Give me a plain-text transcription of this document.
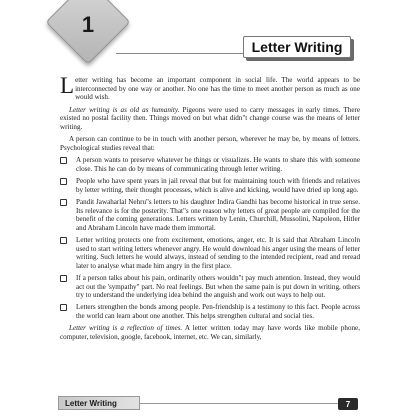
1
Letter Writing

Letter writing has become an important component in social life. The world appears to be interconnected by one way or another. No one has the time to meet another person as much as one would wish.

Letter writing is as old as humanity. Pigeons were used to carry messages in early times. There existed no postal facility then. Things moved on but what didn"t change course was the means of letter writing.

A person can continue to be in touch with another person, wherever he may be, by means of letters. Psychological studies reveal that:

A person wants to preserve whatever he things or visualizes. He wants to share this with someone close. This he can do by means of communicating through letter writing.
People who have spent years in jail reveal that but for maintaining touch with friends and relatives by letter writing, their thought processes, which is alive and kicking, would have dried up long ago.
Pandit Jawaharlal Nehru"s letters to his daughter Indira Gandhi has become historical in true sense. Its relevance is for the posterity. That"s one reason why letters of great people are compiled for the benefit of the coming generations. Letters written by Lenin, Churchill, Mussolini, Napoleon, Hitler and Abraham Lincoln have made them immortal.
Letter writing protects one from excitement, emotions, anger, etc. It is said that Abraham Lincoln used to start writing letters whenever angry. He would download his anger using the means of letter writing. Such letters he would always, instead of sending to the intended recipient, read and reread later to analyse what made him angry in the first place.
If a person talks about his pain, ordinarily others wouldn"t pay much attention. Instead, they would act out the 'sympathy" part. No real feelings. But when the same pain is put down in writing, others try to understand the underlying idea behind the anguish and work out ways to help out.
Letters strengthen the bonds among people. Pen-friendship is a testimony to this fact. People across the world can learn about one another. This helps strengthen cultural and social ties.

Letter writing is a reflection of times. A letter written today may have words like mobile phone, computer, television, google, facebook, internet, etc. We can, similarly,

Letter Writing	7
